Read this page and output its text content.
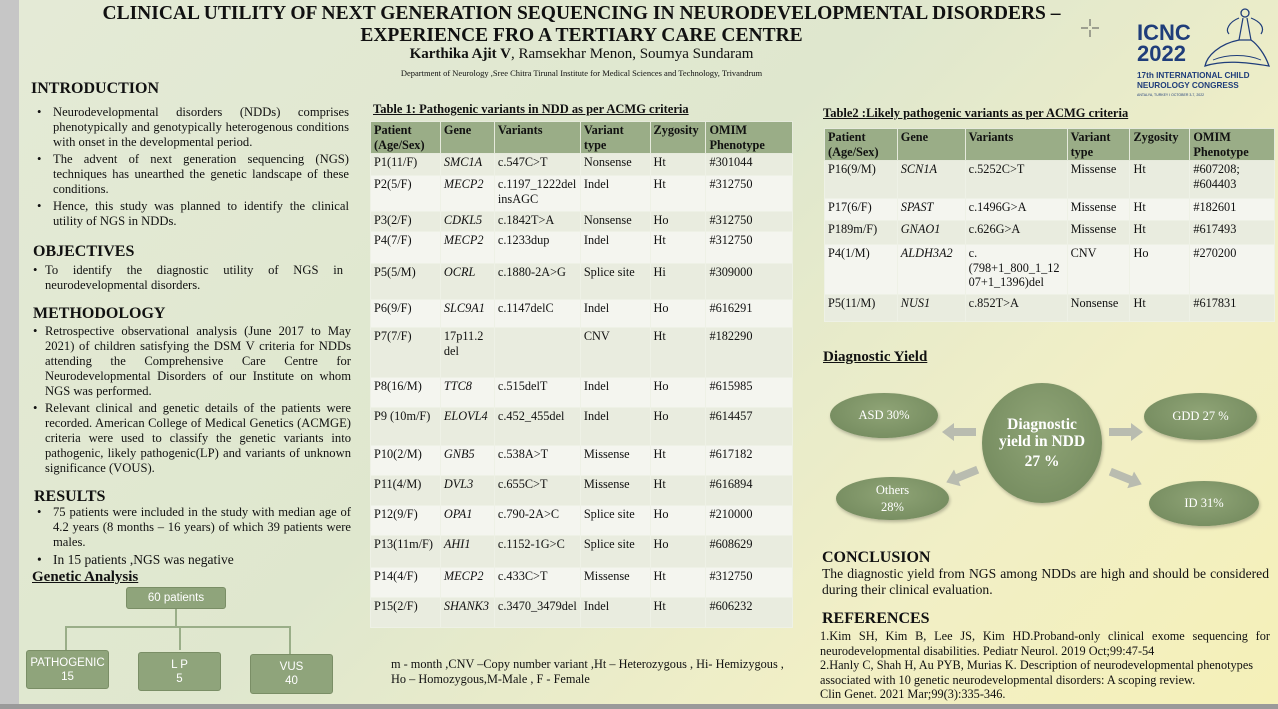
CLINICAL UTILITY OF NEXT GENERATION SEQUENCING IN NEURODEVELOPMENTAL DISORDERS –
EXPERIENCE FRO A TERTIARY CARE CENTRE
Karthika Ajit V, Ramsekhar Menon, Soumya Sundaram
Department of Neurology ,Sree Chitra Tirunal Institute for Medical Sciences and Technology, Trivandrum
ICNC
2022
17th INTERNATIONAL CHILD
NEUROLOGY CONGRESS
ANTALYA, TURKEY I OCTOBER 3-7, 2022
INTRODUCTION
• Neurodevelopmental disorders (NDDs) comprises phenotypically and genotypically heterogenous conditions with onset in the developmental period.
• The advent of next generation sequencing (NGS) techniques has unearthed the genetic landscape of these conditions.
• Hence, this study was planned to identify the clinical utility of NGS in NDDs.
OBJECTIVES
• To identify the diagnostic utility of NGS in neurodevelopmental disorders.
METHODOLOGY
• Retrospective observational analysis (June 2017 to May 2021) of children satisfying the DSM V criteria for NDDs attending the Comprehensive Care Centre for Neurodevelopmental Disorders of our Institute on whom NGS was performed.
• Relevant clinical and genetic details of the patients were recorded. American College of Medical Genetics (ACMGE) criteria were used to classify the genetic variants into pathogenic, likely pathogenic(LP) and variants of unknown significance (VOUS).
RESULTS
• 75 patients were included in the study with median age of 4.2 years (8 months – 16 years) of which 39 patients were males.
• In 15 patients ,NGS was negative
Genetic Analysis
60 patients
PATHOGENIC
15
L P
5
VUS
40
Table 1: Pathogenic variants in NDD as per ACMG criteria
Patient (Age/Sex)	Gene	Variants	Variant type	Zygosity	OMIM Phenotype
P1(11/F)	SMC1A	c.547C>T	Nonsense	Ht	#301044
P2(5/F)	MECP2	c.1197_1222del insAGC	Indel	Ht	#312750
P3(2/F)	CDKL5	c.1842T>A	Nonsense	Ho	#312750
P4(7/F)	MECP2	c.1233dup	Indel	Ht	#312750
P5(5/M)	OCRL	c.1880-2A>G	Splice site	Hi	#309000
P6(9/F)	SLC9A1	c.1147delC	Indel	Ho	#616291
P7(7/F)	17p11.2 del		CNV	Ht	#182290
P8(16/M)	TTC8	c.515delT	Indel	Ho	#615985
P9 (10m/F)	ELOVL4	c.452_455del	Indel	Ho	#614457
P10(2/M)	GNB5	c.538A>T	Missense	Ht	#617182
P11(4/M)	DVL3	c.655C>T	Missense	Ht	#616894
P12(9/F)	OPA1	c.790-2A>C	Splice site	Ho	#210000
P13(11m/F)	AHI1	c.1152-1G>C	Splice site	Ho	#608629
P14(4/F)	MECP2	c.433C>T	Missense	Ht	#312750
P15(2/F)	SHANK3	c.3470_3479del	Indel	Ht	#606232
m - month ,CNV –Copy number variant ,Ht – Heterozygous , Hi- Hemizygous , Ho – Homozygous,M-Male , F - Female
Table2 :Likely pathogenic variants as per ACMG criteria
Patient (Age/Sex)	Gene	Variants	Variant type	Zygosity	OMIM Phenotype
P16(9/M)	SCN1A	c.5252C>T	Missense	Ht	#607208; #604403
P17(6/F)	SPAST	c.1496G>A	Missense	Ht	#182601
P189m/F)	GNAO1	c.626G>A	Missense	Ht	#617493
P4(1/M)	ALDH3A2	c.(798+1_800_1_12 07+1_1396)del	CNV	Ho	#270200
P5(11/M)	NUS1	c.852T>A	Nonsense	Ht	#617831
Diagnostic Yield
ASD 30%
Diagnostic yield in NDD
27 %
GDD 27 %
Others
28%	ID 31%
CONCLUSION
The diagnostic yield from NGS among NDDs are high and should be considered during their clinical evaluation.
REFERENCES
1.Kim SH, Kim B, Lee JS, Kim HD.Proband-only clinical exome sequencing for neurodevelopmental disabilities. Pediatr Neurol. 2019 Oct;99:47-54
2.Hanly C, Shah H, Au PYB, Murias K. Description of neurodevelopmental phenotypes associated with 10 genetic neurodevelopmental disorders: A scoping review.
Clin Genet. 2021 Mar;99(3):335-346.
